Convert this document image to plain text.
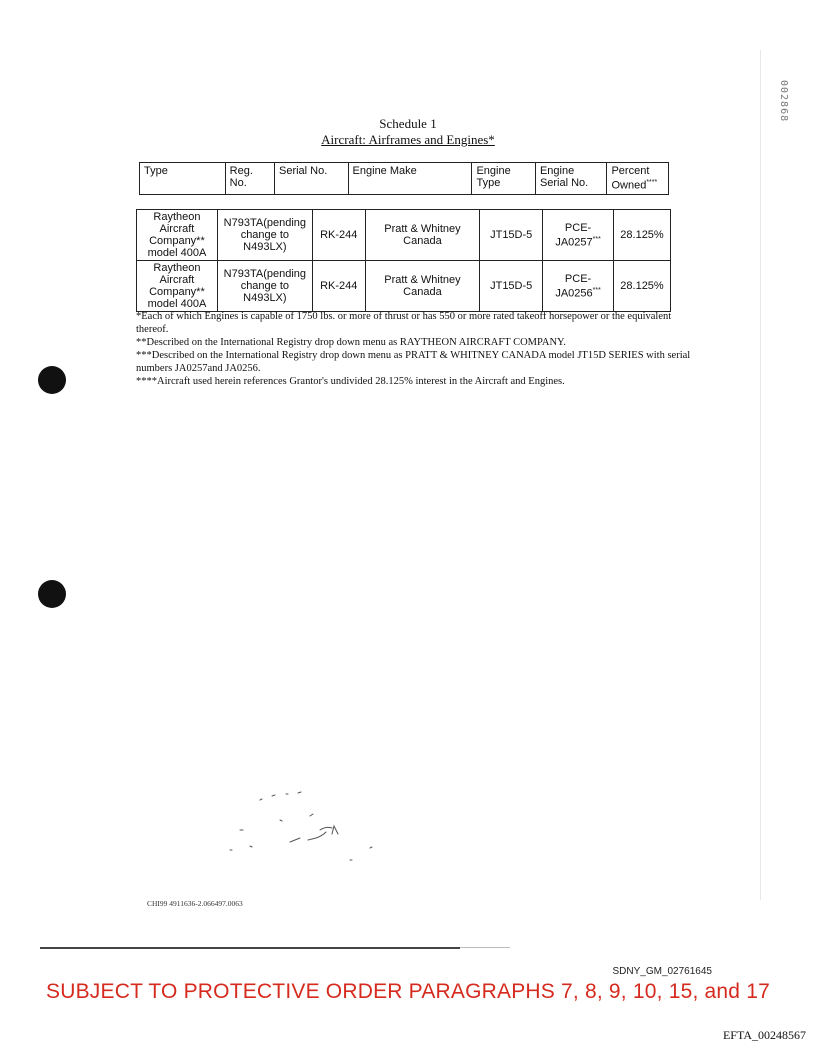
002868
Schedule 1
Aircraft: Airframes and Engines*
Type	Reg. No.	Serial No.	Engine Make	Engine Type	Engine Serial No.	Percent Owned****
Raytheon Aircraft Company** model 400A	N793TA(pending change to N493LX)	RK-244	Pratt & Whitney Canada	JT15D-5	PCE-JA0257***	28.125%
Raytheon Aircraft Company** model 400A	N793TA(pending change to N493LX)	RK-244	Pratt & Whitney Canada	JT15D-5	PCE-JA0256***	28.125%

*Each of which Engines is capable of 1750 lbs. or more of thrust or has 550 or more rated takeoff horsepower or the equivalent thereof.

**Described on the International Registry drop down menu as RAYTHEON AIRCRAFT COMPANY.

***Described on the International Registry drop down menu as PRATT & WHITNEY CANADA model JT15D SERIES with serial numbers JA0257and JA0256.

****Aircraft used herein references Grantor's undivided 28.125% interest in the Aircraft and Engines.

CHI99 4911636-2.066497.0063
SDNY_GM_02761645
SUBJECT TO PROTECTIVE ORDER PARAGRAPHS 7, 8, 9, 10, 15, and 17
EFTA_00248567
